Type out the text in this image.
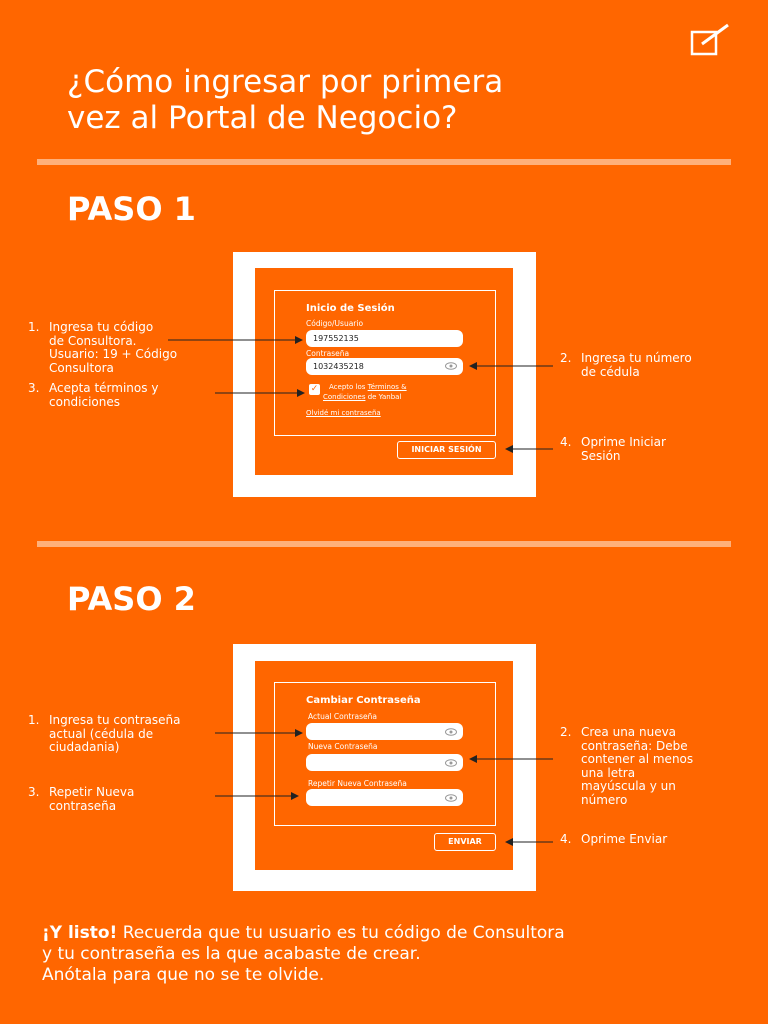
¿Cómo ingresar por primera
vez al Portal de Negocio?
PASO 1
Inicio de Sesión
Código/Usuario
197552135
Contraseña
1032435218
✓ Acepto los Términos &
Condiciones de Yanbal
Olvidé mi contraseña
INICIAR SESIÓN
1. Ingresa tu código
de Consultora.
Usuario: 19 + Código
Consultora
2. Ingresa tu número
de cédula
3. Acepta términos y
condiciones
4. Oprime Iniciar
Sesión
PASO 2
Cambiar Contraseña
Actual Contraseña
Nueva Contraseña
Repetir Nueva Contraseña
ENVIAR
1. Ingresa tu contraseña
actual (cédula de
ciudadania)
2. Crea una nueva
contraseña: Debe
contener al menos
una letra
mayúscula y un
número
3. Repetir Nueva
contraseña
4. Oprime Enviar

¡Y listo! Recuerda que tu usuario es tu código de Consultora
y tu contraseña es la que acabaste de crear.
Anótala para que no se te olvide.
